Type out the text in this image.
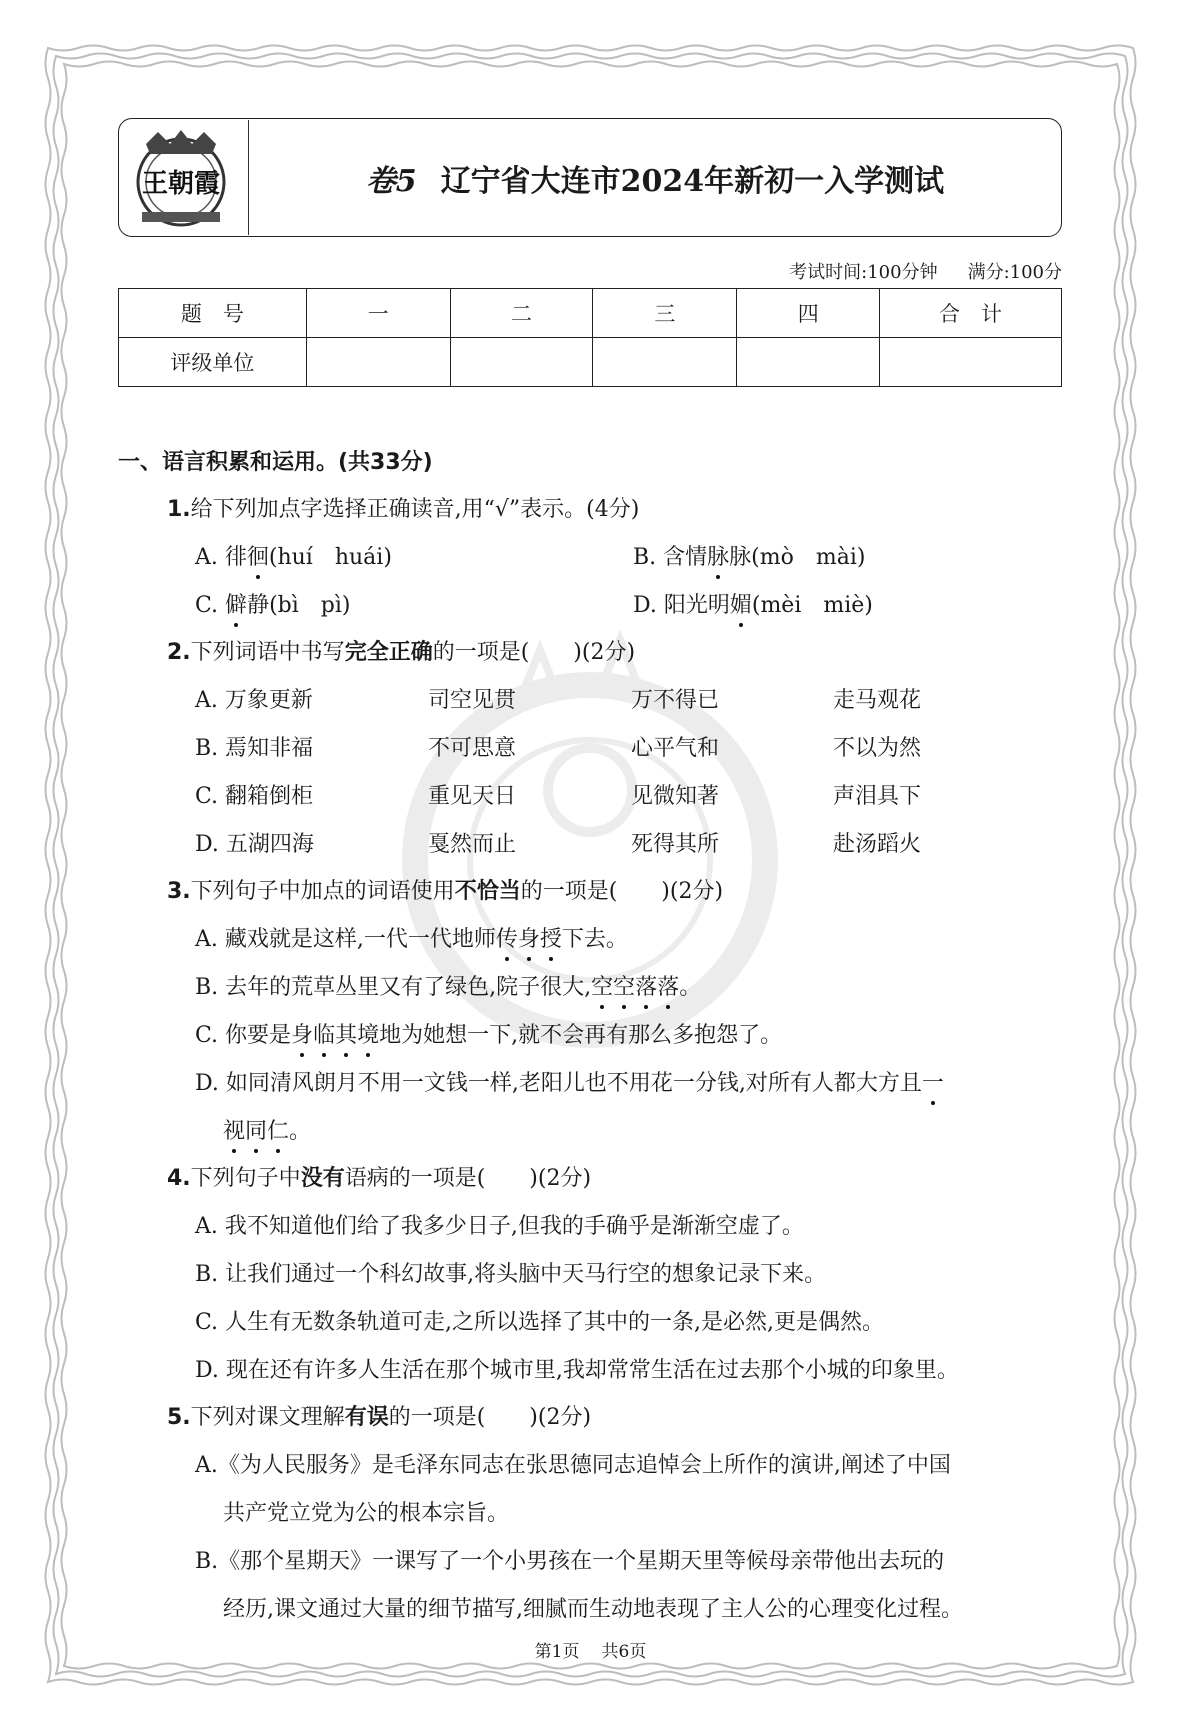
王朝霞	卷5 辽宁省大连市2024年新初一入学测试
考试时间:100分钟 满分:100分
题　号	一	二	三	四	合　计
评级单位					
一、语言积累和运用。(共33分)
1.给下列加点字选择正确读音,用“√”表示。(4分)
A. 徘徊(huí　huái)	B. 含情脉脉(mò　mài)
C. 僻静(bì　pì)	D. 阳光明媚(mèi　miè)
2.下列词语中书写完全正确的一项是(　　)(2分)
A. 万象更新	司空见贯	万不得已	走马观花
B. 焉知非福	不可思意	心平气和	不以为然
C. 翻箱倒柜	重见天日	见微知著	声泪具下
D. 五湖四海	戛然而止	死得其所	赴汤蹈火
3.下列句子中加点的词语使用不恰当的一项是(　　)(2分)
A. 藏戏就是这样,一代一代地师传身授下去。
B. 去年的荒草丛里又有了绿色,院子很大,空空落落。
C. 你要是身临其境地为她想一下,就不会再有那么多抱怨了。
D. 如同清风朗月不用一文钱一样,老阳儿也不用花一分钱,对所有人都大方且一
视同仁。
4.下列句子中没有语病的一项是(　　)(2分)
A. 我不知道他们给了我多少日子,但我的手确乎是渐渐空虚了。
B. 让我们通过一个科幻故事,将头脑中天马行空的想象记录下来。
C. 人生有无数条轨道可走,之所以选择了其中的一条,是必然,更是偶然。
D. 现在还有许多人生活在那个城市里,我却常常生活在过去那个小城的印象里。
5.下列对课文理解有误的一项是(　　)(2分)
A.《为人民服务》是毛泽东同志在张思德同志追悼会上所作的演讲,阐述了中国
共产党立党为公的根本宗旨。
B.《那个星期天》一课写了一个小男孩在一个星期天里等候母亲带他出去玩的
经历,课文通过大量的细节描写,细腻而生动地表现了主人公的心理变化过程。
第1页 共6页
